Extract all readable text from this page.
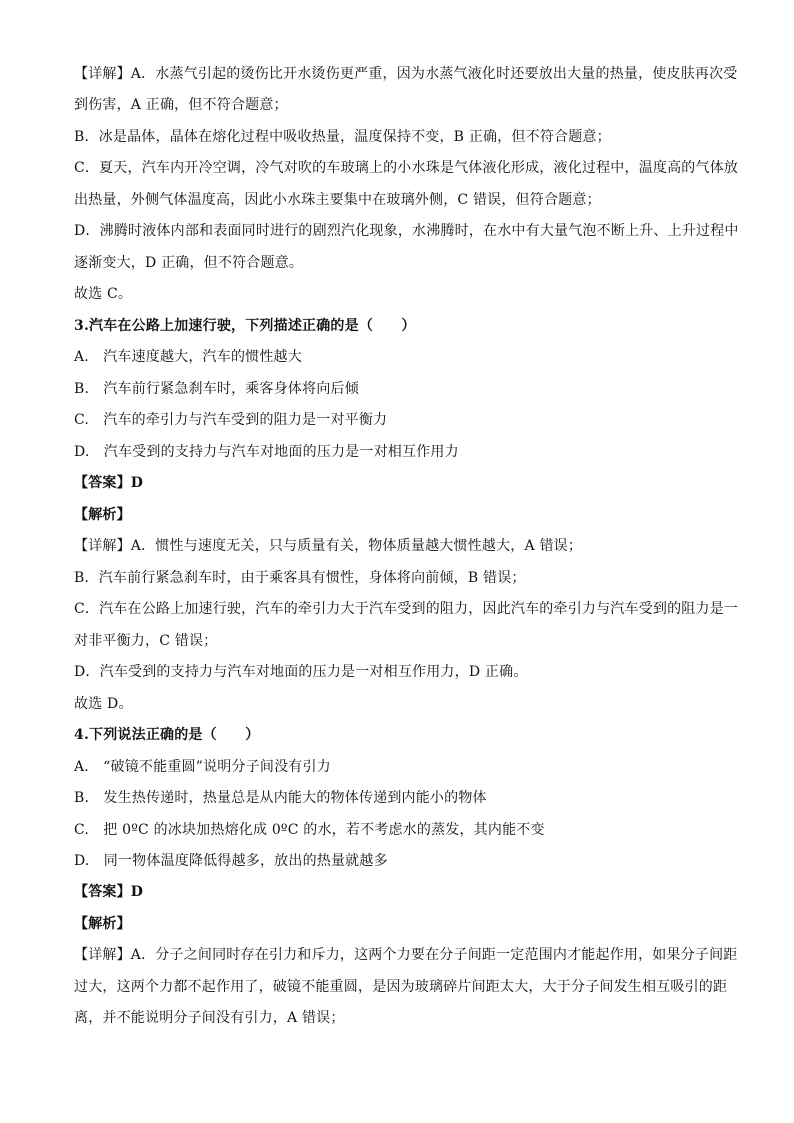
【详解】A．水蒸气引起的烫伤比开水烫伤更严重，因为水蒸气液化时还要放出大量的热量，使皮肤再次受
到伤害，A 正确，但不符合题意；
B．冰是晶体，晶体在熔化过程中吸收热量，温度保持不变，B 正确，但不符合题意；
C．夏天，汽车内开冷空调，冷气对吹的车玻璃上的小水珠是气体液化形成，液化过程中，温度高的气体放
出热量，外侧气体温度高，因此小水珠主要集中在玻璃外侧，C 错误，但符合题意；
D．沸腾时液体内部和表面同时进行的剧烈汽化现象，水沸腾时，在水中有大量气泡不断上升、上升过程中
逐渐变大，D 正确，但不符合题意。
故选 C。
3.汽车在公路上加速行驶，下列描述正确的是（　　）
A.　汽车速度越大，汽车的惯性越大
B.　汽车前行紧急刹车时，乘客身体将向后倾
C.　汽车的牵引力与汽车受到的阻力是一对平衡力
D.　汽车受到的支持力与汽车对地面的压力是一对相互作用力
【答案】D
【解析】
【详解】A．惯性与速度无关，只与质量有关，物体质量越大惯性越大，A 错误；
B．汽车前行紧急刹车时，由于乘客具有惯性，身体将向前倾，B 错误；
C．汽车在公路上加速行驶，汽车的牵引力大于汽车受到的阻力，因此汽车的牵引力与汽车受到的阻力是一
对非平衡力，C 错误；
D．汽车受到的支持力与汽车对地面的压力是一对相互作用力，D 正确。
故选 D。
4.下列说法正确的是（　　）
A.　“破镜不能重圆”说明分子间没有引力
B.　发生热传递时，热量总是从内能大的物体传递到内能小的物体
C.　把 0ºC 的冰块加热熔化成 0ºC 的水，若不考虑水的蒸发，其内能不变
D.　同一物体温度降低得越多，放出的热量就越多
【答案】D
【解析】
【详解】A．分子之间同时存在引力和斥力，这两个力要在分子间距一定范围内才能起作用，如果分子间距
过大，这两个力都不起作用了，破镜不能重圆，是因为玻璃碎片间距太大，大于分子间发生相互吸引的距
离，并不能说明分子间没有引力，A 错误；
